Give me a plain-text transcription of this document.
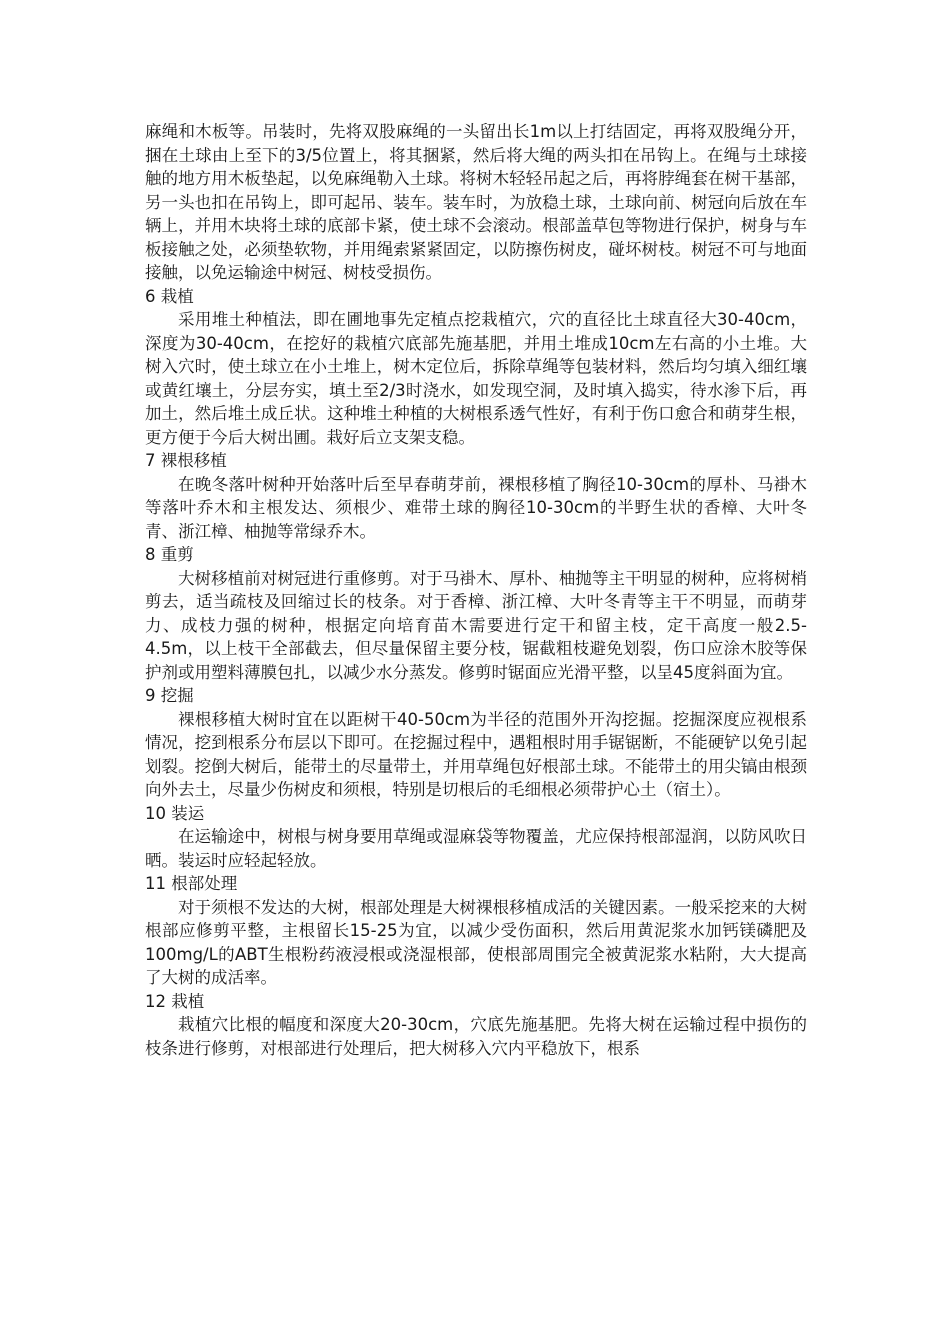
麻绳和木板等。吊装时，先将双股麻绳的一头留出长1m以上打结固定，再将双股绳分开，捆在土球由上至下的3/5位置上，将其捆紧，然后将大绳的两头扣在吊钩上。在绳与土球接触的地方用木板垫起，以免麻绳勒入土球。将树木轻轻吊起之后，再将脖绳套在树干基部，另一头也扣在吊钩上，即可起吊、装车。装车时，为放稳土球，土球向前、树冠向后放在车辆上，并用木块将土球的底部卡紧，使土球不会滚动。根部盖草包等物进行保护，树身与车板接触之处，必须垫软物，并用绳索紧紧固定，以防擦伤树皮，碰坏树枝。树冠不可与地面接触，以免运输途中树冠、树枝受损伤。

6 栽植

采用堆土种植法，即在圃地事先定植点挖栽植穴，穴的直径比土球直径大30-40cm，深度为30-40cm，在挖好的栽植穴底部先施基肥，并用土堆成10cm左右高的小土堆。大树入穴时，使土球立在小土堆上，树木定位后，拆除草绳等包装材料，然后均匀填入细红壤或黄红壤土，分层夯实，填土至2/3时浇水，如发现空洞，及时填入捣实，待水渗下后，再加土，然后堆土成丘状。这种堆土种植的大树根系透气性好，有利于伤口愈合和萌芽生根，更方便于今后大树出圃。栽好后立支架支稳。

7 裸根移植

在晚冬落叶树种开始落叶后至早春萌芽前，裸根移植了胸径10-30cm的厚朴、马褂木等落叶乔木和主根发达、须根少、难带土球的胸径10-30cm的半野生状的香樟、大叶冬青、浙江樟、柚抛等常绿乔木。

8 重剪

大树移植前对树冠进行重修剪。对于马褂木、厚朴、柚抛等主干明显的树种，应将树梢剪去，适当疏枝及回缩过长的枝条。对于香樟、浙江樟、大叶冬青等主干不明显，而萌芽力、成枝力强的树种，根据定向培育苗木需要进行定干和留主枝，定干高度一般2.5-4.5m，以上枝干全部截去，但尽量保留主要分枝，锯截粗枝避免划裂，伤口应涂木胶等保护剂或用塑料薄膜包扎，以减少水分蒸发。修剪时锯面应光滑平整，以呈45度斜面为宜。

9 挖掘

裸根移植大树时宜在以距树干40-50cm为半径的范围外开沟挖掘。挖掘深度应视根系情况，挖到根系分布层以下即可。在挖掘过程中，遇粗根时用手锯锯断，不能硬铲以免引起划裂。挖倒大树后，能带土的尽量带土，并用草绳包好根部土球。不能带土的用尖镐由根颈向外去土，尽量少伤树皮和须根，特别是切根后的毛细根必须带护心土（宿土）。

10 装运

在运输途中，树根与树身要用草绳或湿麻袋等物覆盖，尤应保持根部湿润，以防风吹日晒。装运时应轻起轻放。

11 根部处理

对于须根不发达的大树，根部处理是大树裸根移植成活的关键因素。一般采挖来的大树根部应修剪平整，主根留长15-25为宜，以减少受伤面积，然后用黄泥浆水加钙镁磷肥及100mg/L的ABT生根粉药液浸根或浇湿根部，使根部周围完全被黄泥浆水粘附，大大提高了大树的成活率。

12 栽植

栽植穴比根的幅度和深度大20-30cm，穴底先施基肥。先将大树在运输过程中损伤的枝条进行修剪，对根部进行处理后，把大树移入穴内平稳放下，根系
